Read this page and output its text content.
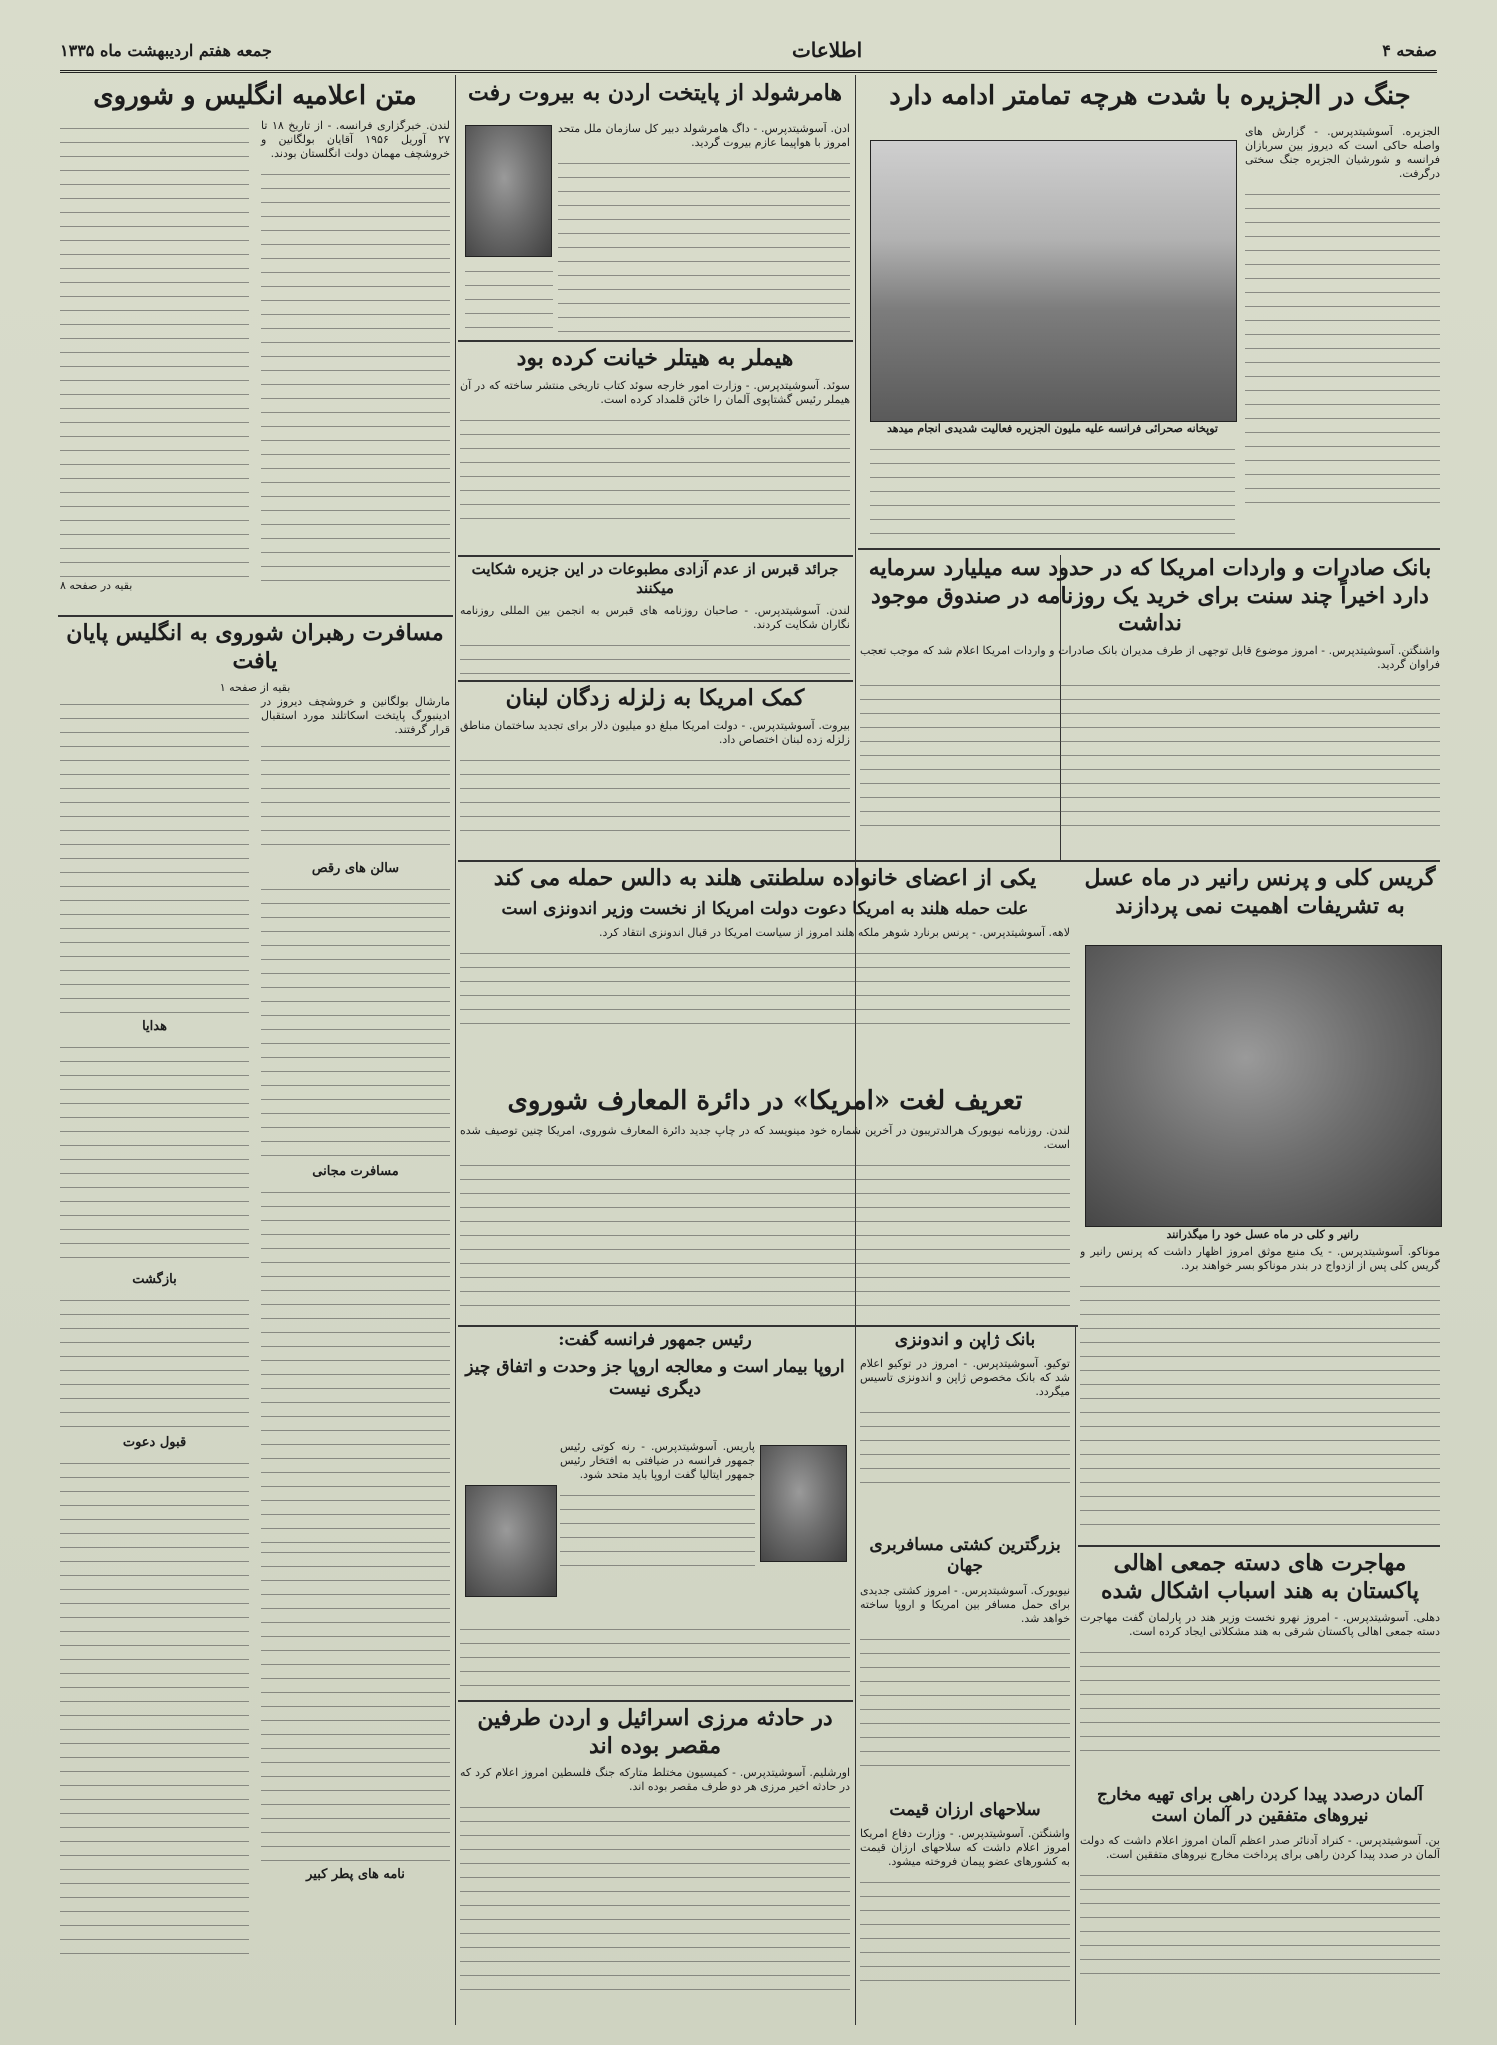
صفحه ۴
اطلاعات
جمعه هفتم اردیبهشت ماه ۱۳۳۵
جنگ در الجزیره با شدت هرچه تمامتر ادامه دارد
الجزیره. آسوشیتدپرس. - گزارش های واصله حاکی است که دیروز بین سربازان فرانسه و شورشیان الجزیره جنگ سختی درگرفت.
توپخانه صحرائی فرانسه علیه ملیون الجزیره فعالیت شدیدی انجام میدهد
هامرشولد از پایتخت اردن به بیروت رفت
ادن. آسوشیتدپرس. - داگ هامرشولد دبیر کل سازمان ملل متحد امروز با هواپیما عازم بیروت گردید.
هیملر به هیتلر خیانت کرده بود
سوئد. آسوشیتدپرس. - وزارت امور خارجه سوئد کتاب تاریخی منتشر ساخته که در آن هیملر رئیس گشتاپوی آلمان را خائن قلمداد کرده است.
جرائد قبرس از عدم آزادی مطبوعات در این جزیره شکایت میکنند
لندن. آسوشیتدپرس. - صاحبان روزنامه های قبرس به انجمن بین المللی روزنامه نگاران شکایت کردند.
کمک امریکا به زلزله زدگان لبنان
بیروت. آسوشیتدپرس. - دولت امریکا مبلغ دو میلیون دلار برای تجدید ساختمان مناطق زلزله زده لبنان اختصاص داد.
بانک صادرات و واردات امریکا که در حدود سه میلیارد سرمایه دارد اخیراً چند سنت برای خرید یک روزنامه در صندوق موجود نداشت
واشنگتن. آسوشیتدپرس. - امروز موضوع قابل توجهی از طرف مدیران بانک صادرات و واردات امریکا اعلام شد که موجب تعجب فراوان گردید.
متن اعلامیه انگلیس و شوروی
لندن. خبرگزاری فرانسه. - از تاریخ ۱۸ تا ۲۷ آوریل ۱۹۵۶ آقایان بولگانین و خروشچف مهمان دولت انگلستان بودند.
بقیه در صفحه ۸
مسافرت رهبران شوروی به انگلیس پایان یافت
بقیه از صفحه ۱
مارشال بولگانین و خروشچف دیروز در ادینبورگ پایتخت اسکاتلند مورد استقبال قرار گرفتند.
سالن های رقص
مسافرت مجانی
نامه های پطر کبیر
هدایا
بازگشت
قبول دعوت
یکی از اعضای خانواده سلطنتی هلند به دالس حمله می کند
علت حمله هلند به امریکا دعوت دولت امریکا از نخست وزیر اندونزی است
لاهه. آسوشیتدپرس. - پرنس برنارد شوهر ملکه هلند امروز از سیاست امریکا در قبال اندونزی انتقاد کرد.
تعریف لغت «امریکا» در دائرة المعارف شوروی
لندن. روزنامه نیویورک هرالدتریبون در آخرین شماره خود مینویسد که در چاپ جدید دائرة المعارف شوروی، امریکا چنین توصیف شده است.
گریس کلی و پرنس رانیر در ماه عسل به تشریفات اهمیت نمی پردازند
رانیر و کلی در ماه عسل خود را میگذرانند
موناکو. آسوشیتدپرس. - یک منبع موثق امروز اظهار داشت که پرنس رانیر و گریس کلی پس از ازدواج در بندر موناکو بسر خواهند برد.
رئیس جمهور فرانسه گفت:
اروپا بیمار است و معالجه اروپا جز وحدت و اتفاق چیز دیگری نیست
پاریس. آسوشیتدپرس. - رنه کوتی رئیس جمهور فرانسه در ضیافتی به افتخار رئیس جمهور ایتالیا گفت اروپا باید متحد شود.
در حادثه مرزی اسرائیل و اردن طرفین مقصر بوده اند
اورشلیم. آسوشیتدپرس. - کمیسیون مختلط متارکه جنگ فلسطین امروز اعلام کرد که در حادثه اخیر مرزی هر دو طرف مقصر بوده اند.
بانک ژاپن و اندونزی
توکیو. آسوشیتدپرس. - امروز در توکیو اعلام شد که بانک مخصوص ژاپن و اندونزی تاسیس میگردد.
بزرگترین کشتی مسافربری جهان
نیویورک. آسوشیتدپرس. - امروز کشتی جدیدی برای حمل مسافر بین امریکا و اروپا ساخته خواهد شد.
سلاحهای ارزان قیمت
واشنگتن. آسوشیتدپرس. - وزارت دفاع امریکا امروز اعلام داشت که سلاحهای ارزان قیمت به کشورهای عضو پیمان فروخته میشود.
مهاجرت های دسته جمعی اهالی پاکستان به هند اسباب اشکال شده
دهلی. آسوشیتدپرس. - امروز نهرو نخست وزیر هند در پارلمان گفت مهاجرت دسته جمعی اهالی پاکستان شرقی به هند مشکلاتی ایجاد کرده است.
آلمان درصدد پیدا کردن راهی برای تهیه مخارج نیروهای متفقین در آلمان است
بن. آسوشیتدپرس. - کنراد آدنائر صدر اعظم آلمان امروز اعلام داشت که دولت آلمان در صدد پیدا کردن راهی برای پرداخت مخارج نیروهای متفقین است.
